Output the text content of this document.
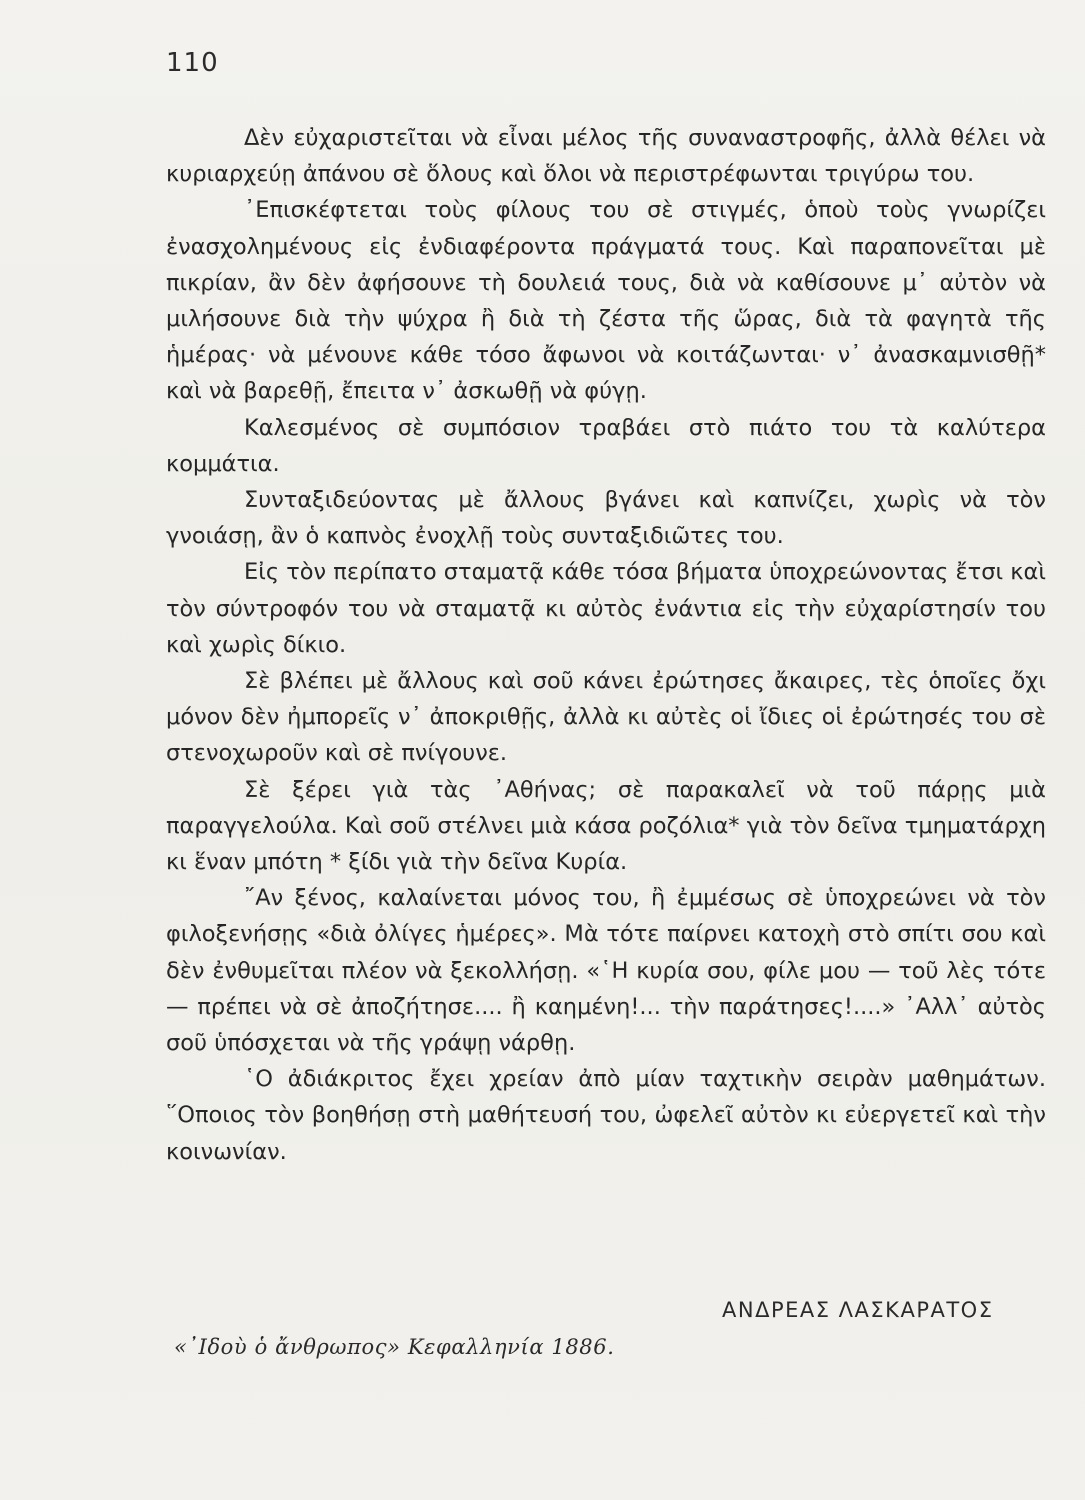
110

Δὲν εὐχαριστεῖται νὰ εἶναι μέλος τῆς συναναστροφῆς, ἀλλὰ θέλει νὰ κυριαρχεύῃ ἀπάνου σὲ ὅλους καὶ ὅλοι νὰ περιστρέφωνται τριγύρω του.

᾿Επισκέφτεται τοὺς φίλους του σὲ στιγμές, ὁποὺ τοὺς γνωρίζει ἐνασχολημένους εἰς ἐνδιαφέροντα πράγματά τους. Καὶ παραπονεῖται μὲ πικρίαν, ἂν δὲν ἀφήσουνε τὴ δουλειά τους, διὰ νὰ καθίσουνε μ᾿ αὐτὸν νὰ μιλήσουνε διὰ τὴν ψύχρα ἢ διὰ τὴ ζέστα τῆς ὥρας, διὰ τὰ φαγητὰ τῆς ἡμέρας· νὰ μένουνε κάθε τόσο ἄφωνοι νὰ κοιτάζωνται· ν᾿ ἀνασκαμνισθῇ* καὶ νὰ βαρεθῇ, ἔπειτα ν᾿ ἀσκωθῇ νὰ φύγῃ.

Καλεσμένος σὲ συμπόσιον τραβάει στὸ πιάτο του τὰ καλύτερα κομμάτια.

Συνταξιδεύοντας μὲ ἄλλους βγάνει καὶ καπνίζει, χωρὶς νὰ τὸν γνοιάσῃ, ἂν ὁ καπνὸς ἐνοχλῇ τοὺς συνταξιδιῶτες του.

Εἰς τὸν περίπατο σταματᾷ κάθε τόσα βήματα ὑποχρεώνοντας ἔτσι καὶ τὸν σύντροφόν του νὰ σταματᾷ κι αὐτὸς ἐνάντια εἰς τὴν εὐχαρίστησίν του καὶ χωρὶς δίκιο.

Σὲ βλέπει μὲ ἄλλους καὶ σοῦ κάνει ἐρώτησες ἄκαιρες, τὲς ὁποῖες ὄχι μόνον δὲν ἠμπορεῖς ν᾿ ἀποκριθῇς, ἀλλὰ κι αὐτὲς οἱ ἴδιες οἱ ἐρώτησές του σὲ στενοχωροῦν καὶ σὲ πνίγουνε.

Σὲ ξέρει γιὰ τὰς ᾿Αθήνας; σὲ παρακαλεῖ νὰ τοῦ πάρῃς μιὰ παραγγελούλα. Καὶ σοῦ στέλνει μιὰ κάσα ροζόλια* γιὰ τὸν δεῖνα τμηματάρχη κι ἕναν μπότη * ξίδι γιὰ τὴν δεῖνα Κυρία.

῎Αν ξένος, καλαίνεται μόνος του, ἢ ἐμμέσως σὲ ὑποχρεώνει νὰ τὸν φιλοξενήσῃς «διὰ ὀλίγες ἡμέρες». Μὰ τότε παίρνει κατοχὴ στὸ σπίτι σου καὶ δὲν ἐνθυμεῖται πλέον νὰ ξεκολλήσῃ. «῾Η κυρία σου, φίλε μου — τοῦ λὲς τότε — πρέπει νὰ σὲ ἀποζήτησε.... ἢ καημένη!... τὴν παράτησες!....» ᾿Αλλ᾿ αὐτὸς σοῦ ὑπόσχεται νὰ τῆς γράψῃ νάρθῃ.

῾Ο ἀδιάκριτος ἔχει χρείαν ἀπὸ μίαν ταχτικὴν σειρὰν μαθημάτων. ῞Οποιος τὸν βοηθήσῃ στὴ μαθήτευσή του, ὠφελεῖ αὐτὸν κι εὐεργετεῖ καὶ τὴν κοινωνίαν.

ΑΝΔΡΕΑΣ ΛΑΣΚΑΡΑΤΟΣ
«᾿Ιδοὺ ὁ ἄνθρωπος» Κεφαλληνία 1886.
